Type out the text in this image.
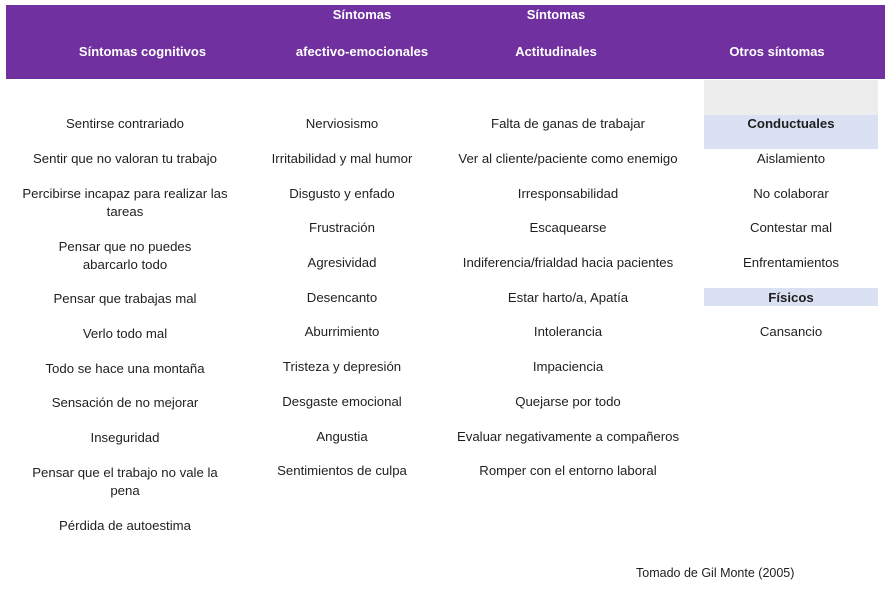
Síntomas cognitivos
Síntomas
afectivo-emocionales
Síntomas
Actitudinales	Otros síntomas
Sentirse contrariado
Sentir que no valoran tu trabajo
Percibirse incapaz para realizar las tareas
Pensar que no puedes abarcarlo todo
Pensar que trabajas mal
Verlo todo mal
Todo se hace una montaña
Sensación de no mejorar
Inseguridad
Pensar que el trabajo no vale la pena
Pérdida de autoestima
Nerviosismo
Irritabilidad y mal humor
Disgusto y enfado
Frustración
Agresividad
Desencanto
Aburrimiento
Tristeza y depresión
Desgaste emocional
Angustia
Sentimientos de culpa
Falta de ganas de trabajar
Ver al cliente/paciente como enemigo
Irresponsabilidad
Escaquearse
Indiferencia/frialdad hacia pacientes
Estar harto/a, Apatía
Intolerancia
Impaciencia
Quejarse por todo
Evaluar negativamente a compañeros
Romper con el entorno laboral
Conductuales
Aislamiento
No colaborar
Contestar mal
Enfrentamientos
Físicos
Cansancio
Tomado de Gil Monte (2005)
